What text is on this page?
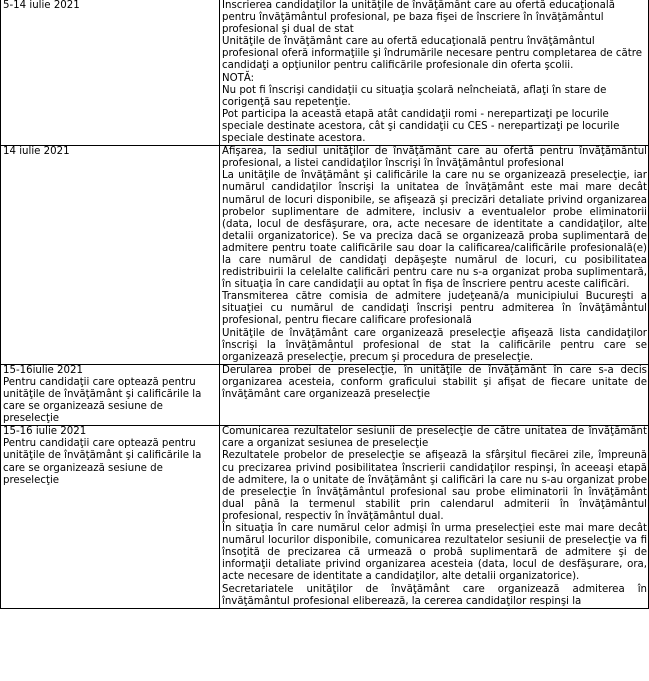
5-14 iulie 2021	Înscrierea candidaţilor la unităţile de învăţământ care au ofertă educaţională pentru învăţământul profesional, pe baza fişei de înscriere în învăţământul profesional şi dual de stat
Unităţile de învăţământ care au ofertă educaţională pentru învăţământul profesional oferă informaţiile şi îndrumările necesare pentru completarea de către candidaţi a opţiunilor pentru calificările profesionale din oferta şcolii.
NOTĂ:
Nu pot fi înscrişi candidaţii cu situaţia şcolară neîncheiată, aflaţi în stare de corigenţă sau repetenţie.
Pot participa la această etapă atât candidaţii romi - nerepartizaţi pe locurile speciale destinate acestora, cât şi candidaţii cu CES - nerepartizaţi pe locurile speciale destinate acestora.

14 iulie 2021	Afişarea, la sediul unităţilor de învăţământ care au ofertă pentru învăţământul profesional, a listei candidaţilor înscrişi în învăţământul profesional
La unităţile de învăţământ şi calificările la care nu se organizează preselecţie, iar numărul candidaţilor înscrişi la unitatea de învăţământ este mai mare decât numărul de locuri disponibile, se afişează şi precizări detaliate privind organizarea probelor suplimentare de admitere, inclusiv a eventualelor probe eliminatorii (data, locul de desfăşurare, ora, acte necesare de identitate a candidaţilor, alte detalii organizatorice). Se va preciza dacă se organizează proba suplimentară de admitere pentru toate calificările sau doar la calificarea/calificările profesională(e) la care numărul de candidaţi depăşeşte numărul de locuri, cu posibilitatea redistribuirii la celelalte calificări pentru care nu s-a organizat proba suplimentară, în situaţia în care candidaţii au optat în fişa de înscriere pentru aceste calificări.
Transmiterea către comisia de admitere judeţeană/a municipiului Bucureşti a situaţiei cu numărul de candidaţi înscrişi pentru admiterea în învăţământul profesional, pentru fiecare calificare profesională
Unităţile de învăţământ care organizează preselecţie afişează lista candidaţilor înscrişi la învăţământul profesional de stat la calificările pentru care se organizează preselecţie, precum şi procedura de preselecţie.

15-16iulie 2021
Pentru candidaţii care optează pentru unităţile de învăţământ şi calificările la care se organizează sesiune de preselecţie	Derularea probei de preselecţie, în unităţile de învăţământ în care s-a decis organizarea acesteia, conform graficului stabilit şi afişat de fiecare unitate de învăţământ care organizează preselecţie

15-16 iulie 2021
Pentru candidaţii care optează pentru unităţile de învăţământ şi calificările la care se organizează sesiune de preselecţie	Comunicarea rezultatelor sesiunii de preselecţie de către unitatea de învăţământ care a organizat sesiunea de preselecţie
Rezultatele probelor de preselecţie se afişează la sfârşitul fiecărei zile, împreună cu precizarea privind posibilitatea înscrierii candidaţilor respinşi, în aceeaşi etapă de admitere, la o unitate de învăţământ şi calificări la care nu s-au organizat probe de preselecţie în învăţământul profesional sau probe eliminatorii în învăţământ dual până la termenul stabilit prin calendarul admiterii în învăţământul profesional, respectiv în învăţământul dual.
În situaţia în care numărul celor admişi în urma preselecţiei este mai mare decât numărul locurilor disponibile, comunicarea rezultatelor sesiunii de preselecţie va fi însoţită de precizarea că urmează o probă suplimentară de admitere şi de informaţii detaliate privind organizarea acesteia (data, locul de desfăşurare, ora, acte necesare de identitate a candidaţilor, alte detalii organizatorice).
Secretariatele unităţilor de învăţământ care organizează admiterea în învăţământul profesional eliberează, la cererea candidaţilor respinşi la
